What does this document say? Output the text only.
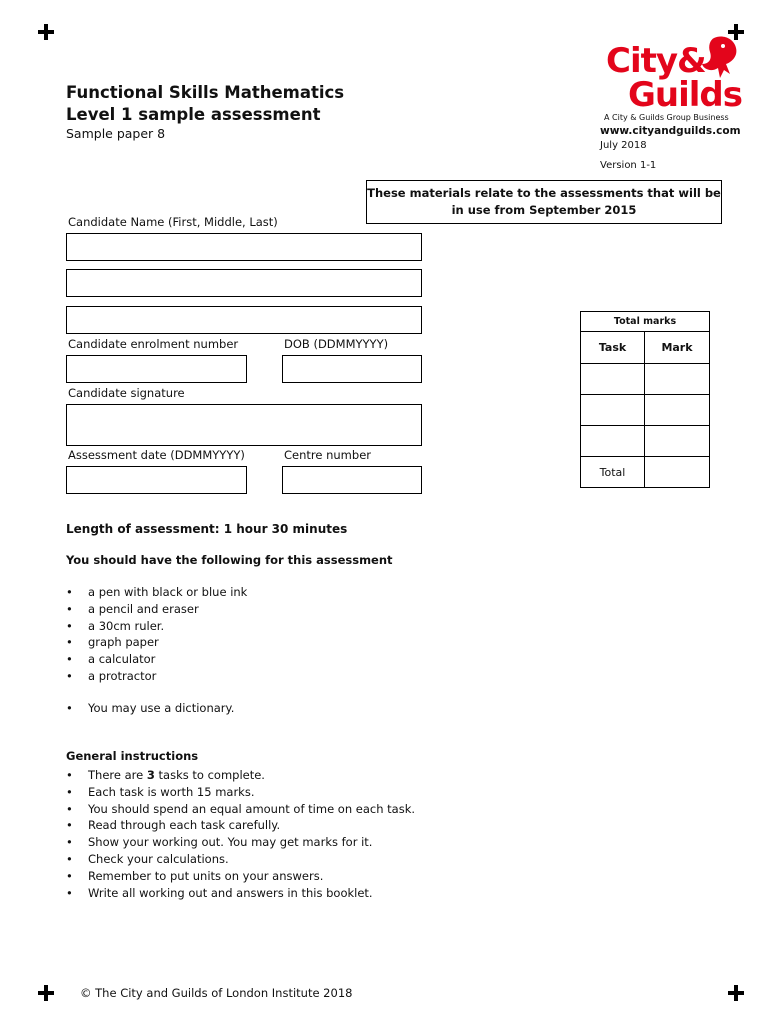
Functional Skills Mathematics
Level 1 sample assessment
Sample paper 8
City&
Guilds
A City & Guilds Group Business
www.cityandguilds.com
July 2018
Version 1-1
These materials relate to the assessments that will be in use from September 2015
Candidate Name (First, Middle, Last)
Candidate enrolment number	DOB (DDMMYYYY)
Candidate signature
Assessment date (DDMMYYYY)	Centre number
Total marks	
Task	Mark

Total	
Length of assessment: 1 hour 30 minutes
You should have the following for this assessment
• a pen with black or blue ink
• a pencil and eraser
• a 30cm ruler.
• graph paper
• a calculator
• a protractor
• You may use a dictionary.
General instructions
• There are 3 tasks to complete.
• Each task is worth 15 marks.
• You should spend an equal amount of time on each task.
• Read through each task carefully.
• Show your working out. You may get marks for it.
• Check your calculations.
• Remember to put units on your answers.
• Write all working out and answers in this booklet.
© The City and Guilds of London Institute 2018
